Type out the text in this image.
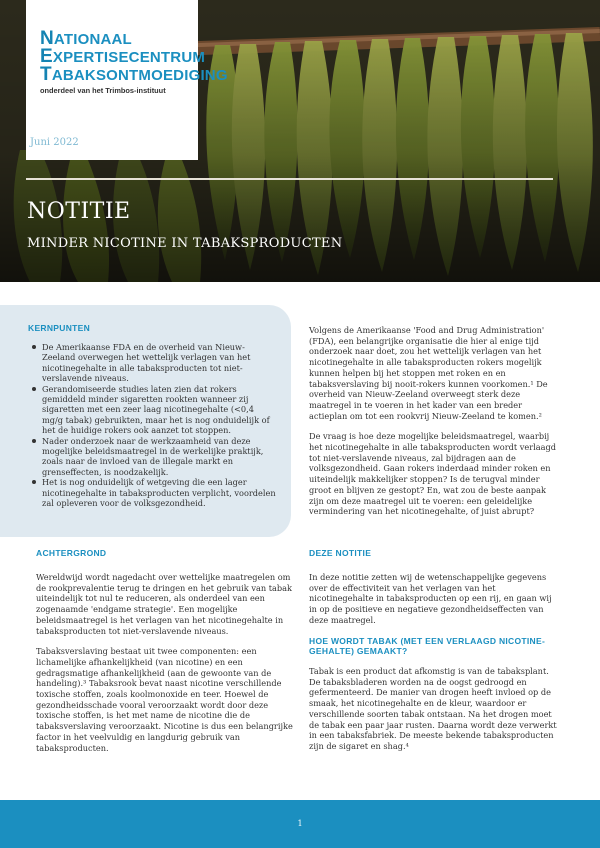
NATIONAAL
EXPERTISECENTRUM
TABAKSONTMOEDIGING
onderdeel van het Trimbos-instituut
Juni 2022
NOTITIE
MINDER NICOTINE IN TABAKSPRODUCTEN
KERNPUNTEN
De Amerikaanse FDA en de overheid van Nieuw-Zeeland overwegen het wettelijk verlagen van het nicotinegehalte in alle tabaksproducten tot niet-verslavende niveaus.
Gerandomiseerde studies laten zien dat rokers gemiddeld minder sigaretten rookten wanneer zij sigaretten met een zeer laag nicotinegehalte (<0,4 mg/g tabak) gebruikten, maar het is nog onduidelijk of het de huidige rokers ook aanzet tot stoppen.
Nader onderzoek naar de werkzaamheid van deze mogelijke beleidsmaatregel in de werkelijke praktijk, zoals naar de invloed van de illegale markt en grenseffecten, is noodzakelijk.
Het is nog onduidelijk of wetgeving die een lager nicotinegehalte in tabaksproducten verplicht, voordelen zal opleveren voor de volksgezondheid.

Volgens de Amerikaanse 'Food and Drug Administration' (FDA), een belangrijke organisatie die hier al enige tijd onderzoek naar doet, zou het wettelijk verlagen van het nicotinegehalte in alle tabaksproducten rokers mogelijk kunnen helpen bij het stoppen met roken en en tabaksverslaving bij nooit-rokers kunnen voorkomen.¹ De overheid van Nieuw-Zeeland overweegt sterk deze maatregel in te voeren in het kader van een breder actieplan om tot een rookvrij Nieuw-Zeeland te komen.²

De vraag is hoe deze mogelijke beleidsmaatregel, waarbij het nicotinegehalte in alle tabaksproducten wordt verlaagd tot niet-verslavende niveaus, zal bijdragen aan de volksgezondheid. Gaan rokers inderdaad minder roken en uiteindelijk makkelijker stoppen? Is de terugval minder groot en blijven ze gestopt? En, wat zou de beste aanpak zijn om deze maatregel uit te voeren: een geleidelijke vermindering van het nicotinegehalte, of juist abrupt?

ACHTERGROND

Wereldwijd wordt nagedacht over wettelijke maatregelen om de rookprevalentie terug te dringen en het gebruik van tabak uiteindelijk tot nul te reduceren, als onderdeel van een zogenaamde 'endgame strategie'. Een mogelijke beleidsmaatregel is het verlagen van het nicotinegehalte in tabaksproducten tot niet-verslavende niveaus.

Tabaksverslaving bestaat uit twee componenten: een lichamelijke afhankelijkheid (van nicotine) en een gedragsmatige afhankelijkheid (aan de gewoonte van de handeling).³ Tabaksrook bevat naast nicotine verschillende toxische stoffen, zoals koolmonoxide en teer. Hoewel de gezondheidsschade vooral veroorzaakt wordt door deze toxische stoffen, is het met name de nicotine die de tabaksverslaving veroorzaakt. Nicotine is dus een belangrijke factor in het veelvuldig en langdurig gebruik van tabaksproducten.

DEZE NOTITIE

In deze notitie zetten wij de wetenschappelijke gegevens over de effectiviteit van het verlagen van het nicotinegehalte in tabaksproducten op een rij, en gaan wij in op de positieve en negatieve gezondheidseffecten van deze maatregel.

HOE WORDT TABAK (MET EEN VERLAAGD NICOTINE-
GEHALTE) GEMAAKT?

Tabak is een product dat afkomstig is van de tabaksplant. De tabaksbladeren worden na de oogst gedroogd en gefermenteerd. De manier van drogen heeft invloed op de smaak, het nicotinegehalte en de kleur, waardoor er verschillende soorten tabak ontstaan. Na het drogen moet de tabak een paar jaar rusten. Daarna wordt deze verwerkt in een tabaksfabriek. De meeste bekende tabaksproducten zijn de sigaret en shag.⁴

1
